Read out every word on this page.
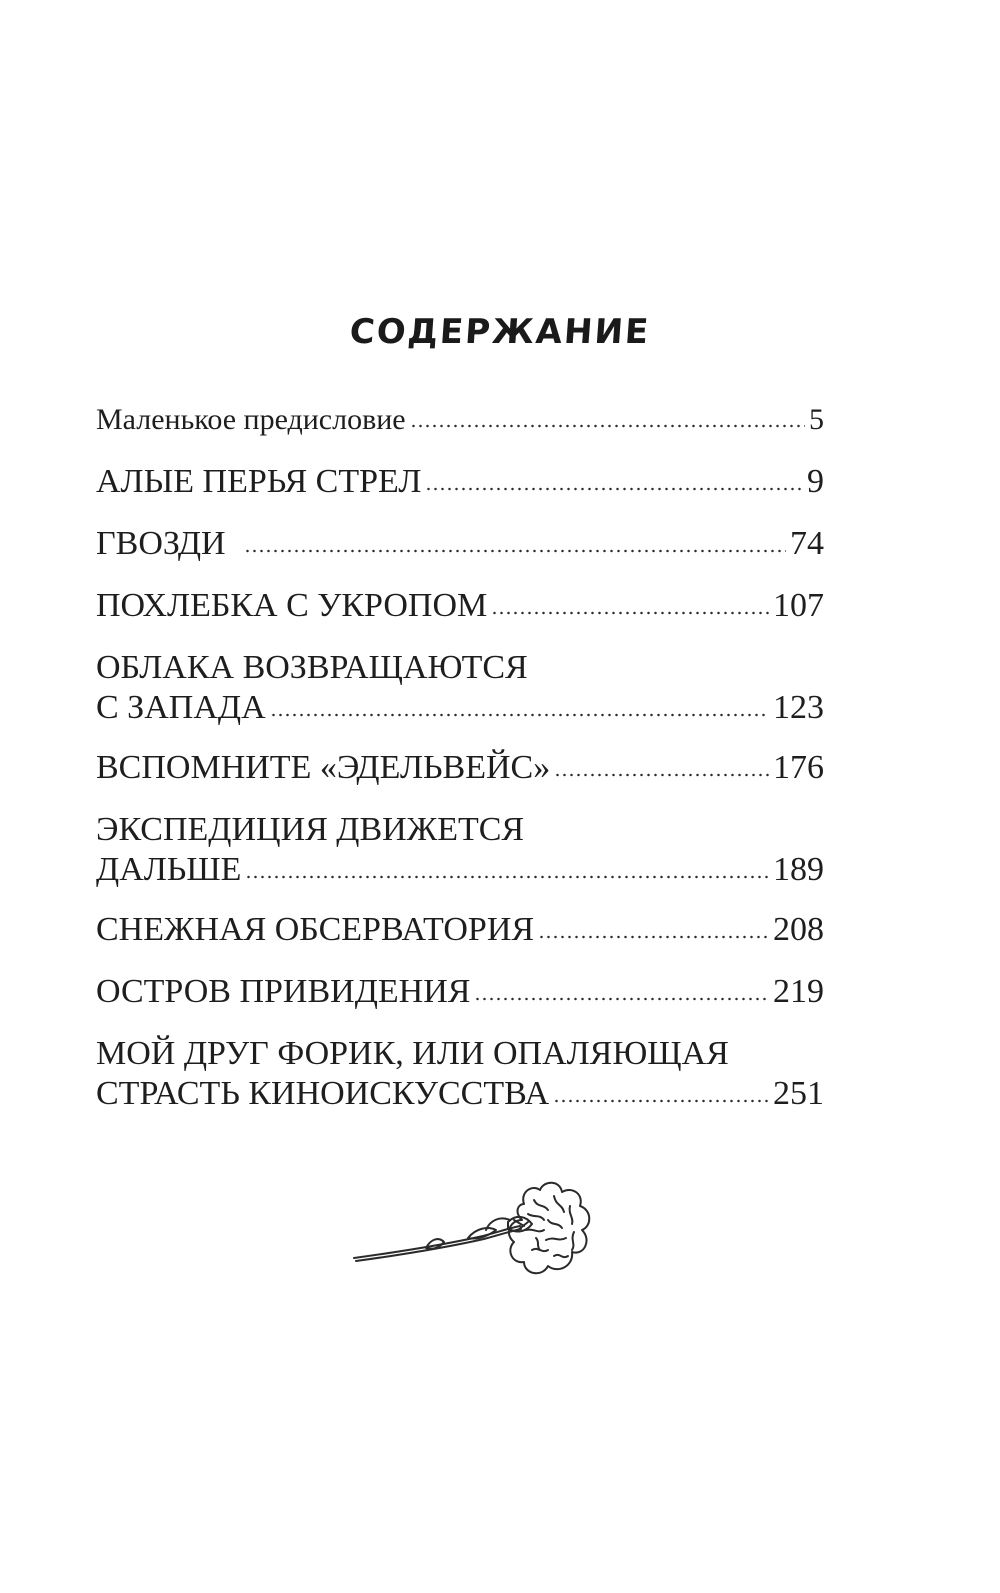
СОДЕРЖАНИЕ
Маленькое предисловие	5
АЛЫЕ ПЕРЬЯ СТРЕЛ	9
ГВОЗДИ	74
ПОХЛЕБКА С УКРОПОМ	107
ОБЛАКА ВОЗВРАЩАЮТСЯ
С ЗАПАДА	123
ВСПОМНИТЕ «ЭДЕЛЬВЕЙС»	176
ЭКСПЕДИЦИЯ ДВИЖЕТСЯ
ДАЛЬШЕ	189
СНЕЖНАЯ ОБСЕРВАТОРИЯ	208
ОСТРОВ ПРИВИДЕНИЯ	219
МОЙ ДРУГ ФОРИК, ИЛИ ОПАЛЯЮЩАЯ
СТРАСТЬ КИНОИСКУССТВА	251
